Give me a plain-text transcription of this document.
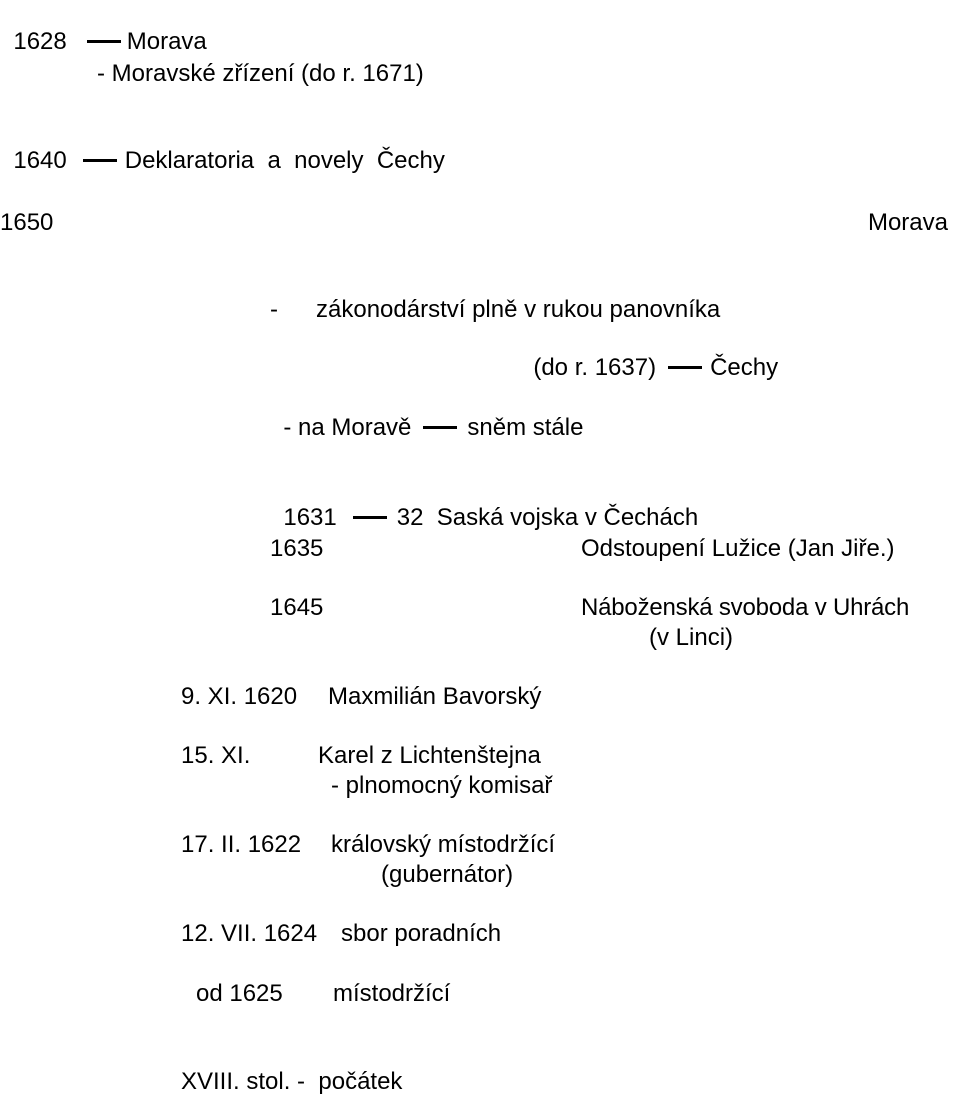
1628	Morava

- Moravské zřízení (do r. 1671)

1640 Deklaratoria  a  novely  Čechy

1650	Morava
- zákonodárství plně v rukou panovníka

(do r. 1637) Čechy

- na Moravě sněm stále

1631	32  Saská vojska v Čechách

1635	Odstoupení Lužice (Jan Jiře.)
1645	Náboženská svoboda v Uhrách
(v Linci)
9. XI. 1620 Maxmilián Bavorský
15. XI.	Karel z Lichtenštejna
- plnomocný komisař
17. II. 1622 královský místodržící
(gubernátor)
12. VII. 1624 sbor poradních
od 1625 místodržící
XVIII. stol. -  počátek
